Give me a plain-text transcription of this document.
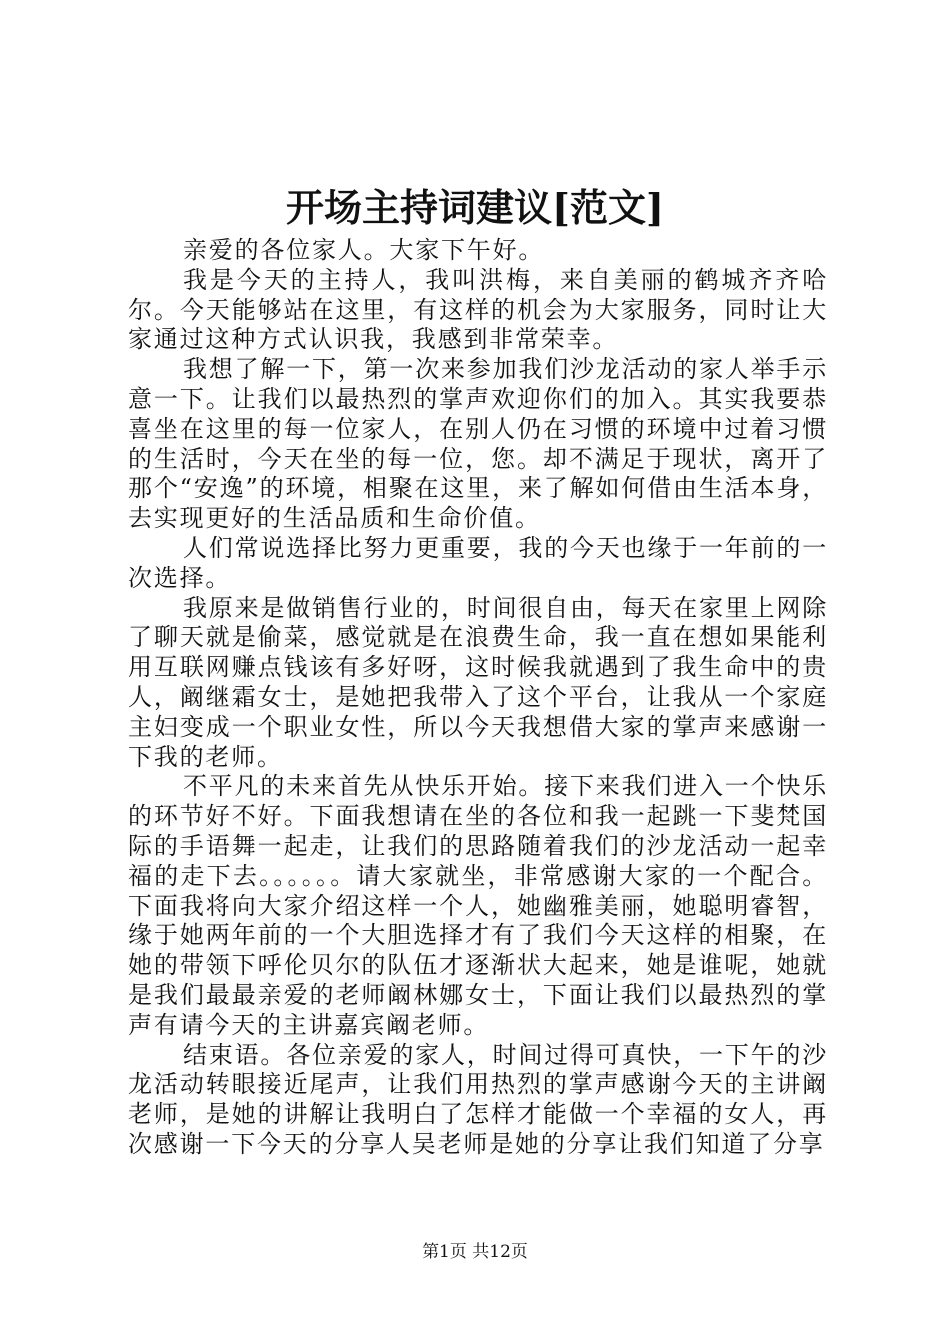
开场主持词建议[范文]

亲爱的各位家人。大家下午好。

我是今天的主持人，我叫洪梅，来自美丽的鹤城齐齐哈尔。今天能够站在这里，有这样的机会为大家服务，同时让大家通过这种方式认识我，我感到非常荣幸。

我想了解一下，第一次来参加我们沙龙活动的家人举手示意一下。让我们以最热烈的掌声欢迎你们的加入。其实我要恭喜坐在这里的每一位家人，在别人仍在习惯的环境中过着习惯的生活时，今天在坐的每一位，您。却不满足于现状，离开了那个“安逸”的环境，相聚在这里，来了解如何借由生活本身，去实现更好的生活品质和生命价值。

人们常说选择比努力更重要，我的今天也缘于一年前的一次选择。

我原来是做销售行业的，时间很自由，每天在家里上网除了聊天就是偷菜，感觉就是在浪费生命，我一直在想如果能利用互联网赚点钱该有多好呀，这时候我就遇到了我生命中的贵人，阚继霜女士，是她把我带入了这个平台，让我从一个家庭主妇变成一个职业女性，所以今天我想借大家的掌声来感谢一下我的老师。

不平凡的未来首先从快乐开始。接下来我们进入一个快乐的环节好不好。下面我想请在坐的各位和我一起跳一下斐梵国际的手语舞一起走，让我们的思路随着我们的沙龙活动一起幸福的走下去。。。。。。请大家就坐，非常感谢大家的一个配合。下面我将向大家介绍这样一个人，她幽雅美丽，她聪明睿智，缘于她两年前的一个大胆选择才有了我们今天这样的相聚，在她的带领下呼伦贝尔的队伍才逐渐状大起来，她是谁呢，她就是我们最最亲爱的老师阚林娜女士，下面让我们以最热烈的掌声有请今天的主讲嘉宾阚老师。

结束语。各位亲爱的家人，时间过得可真快，一下午的沙龙活动转眼接近尾声，让我们用热烈的掌声感谢今天的主讲阚老师，是她的讲解让我明白了怎样才能做一个幸福的女人，再次感谢一下今天的分享人吴老师是她的分享让我们知道了分享

第1页 共12页
